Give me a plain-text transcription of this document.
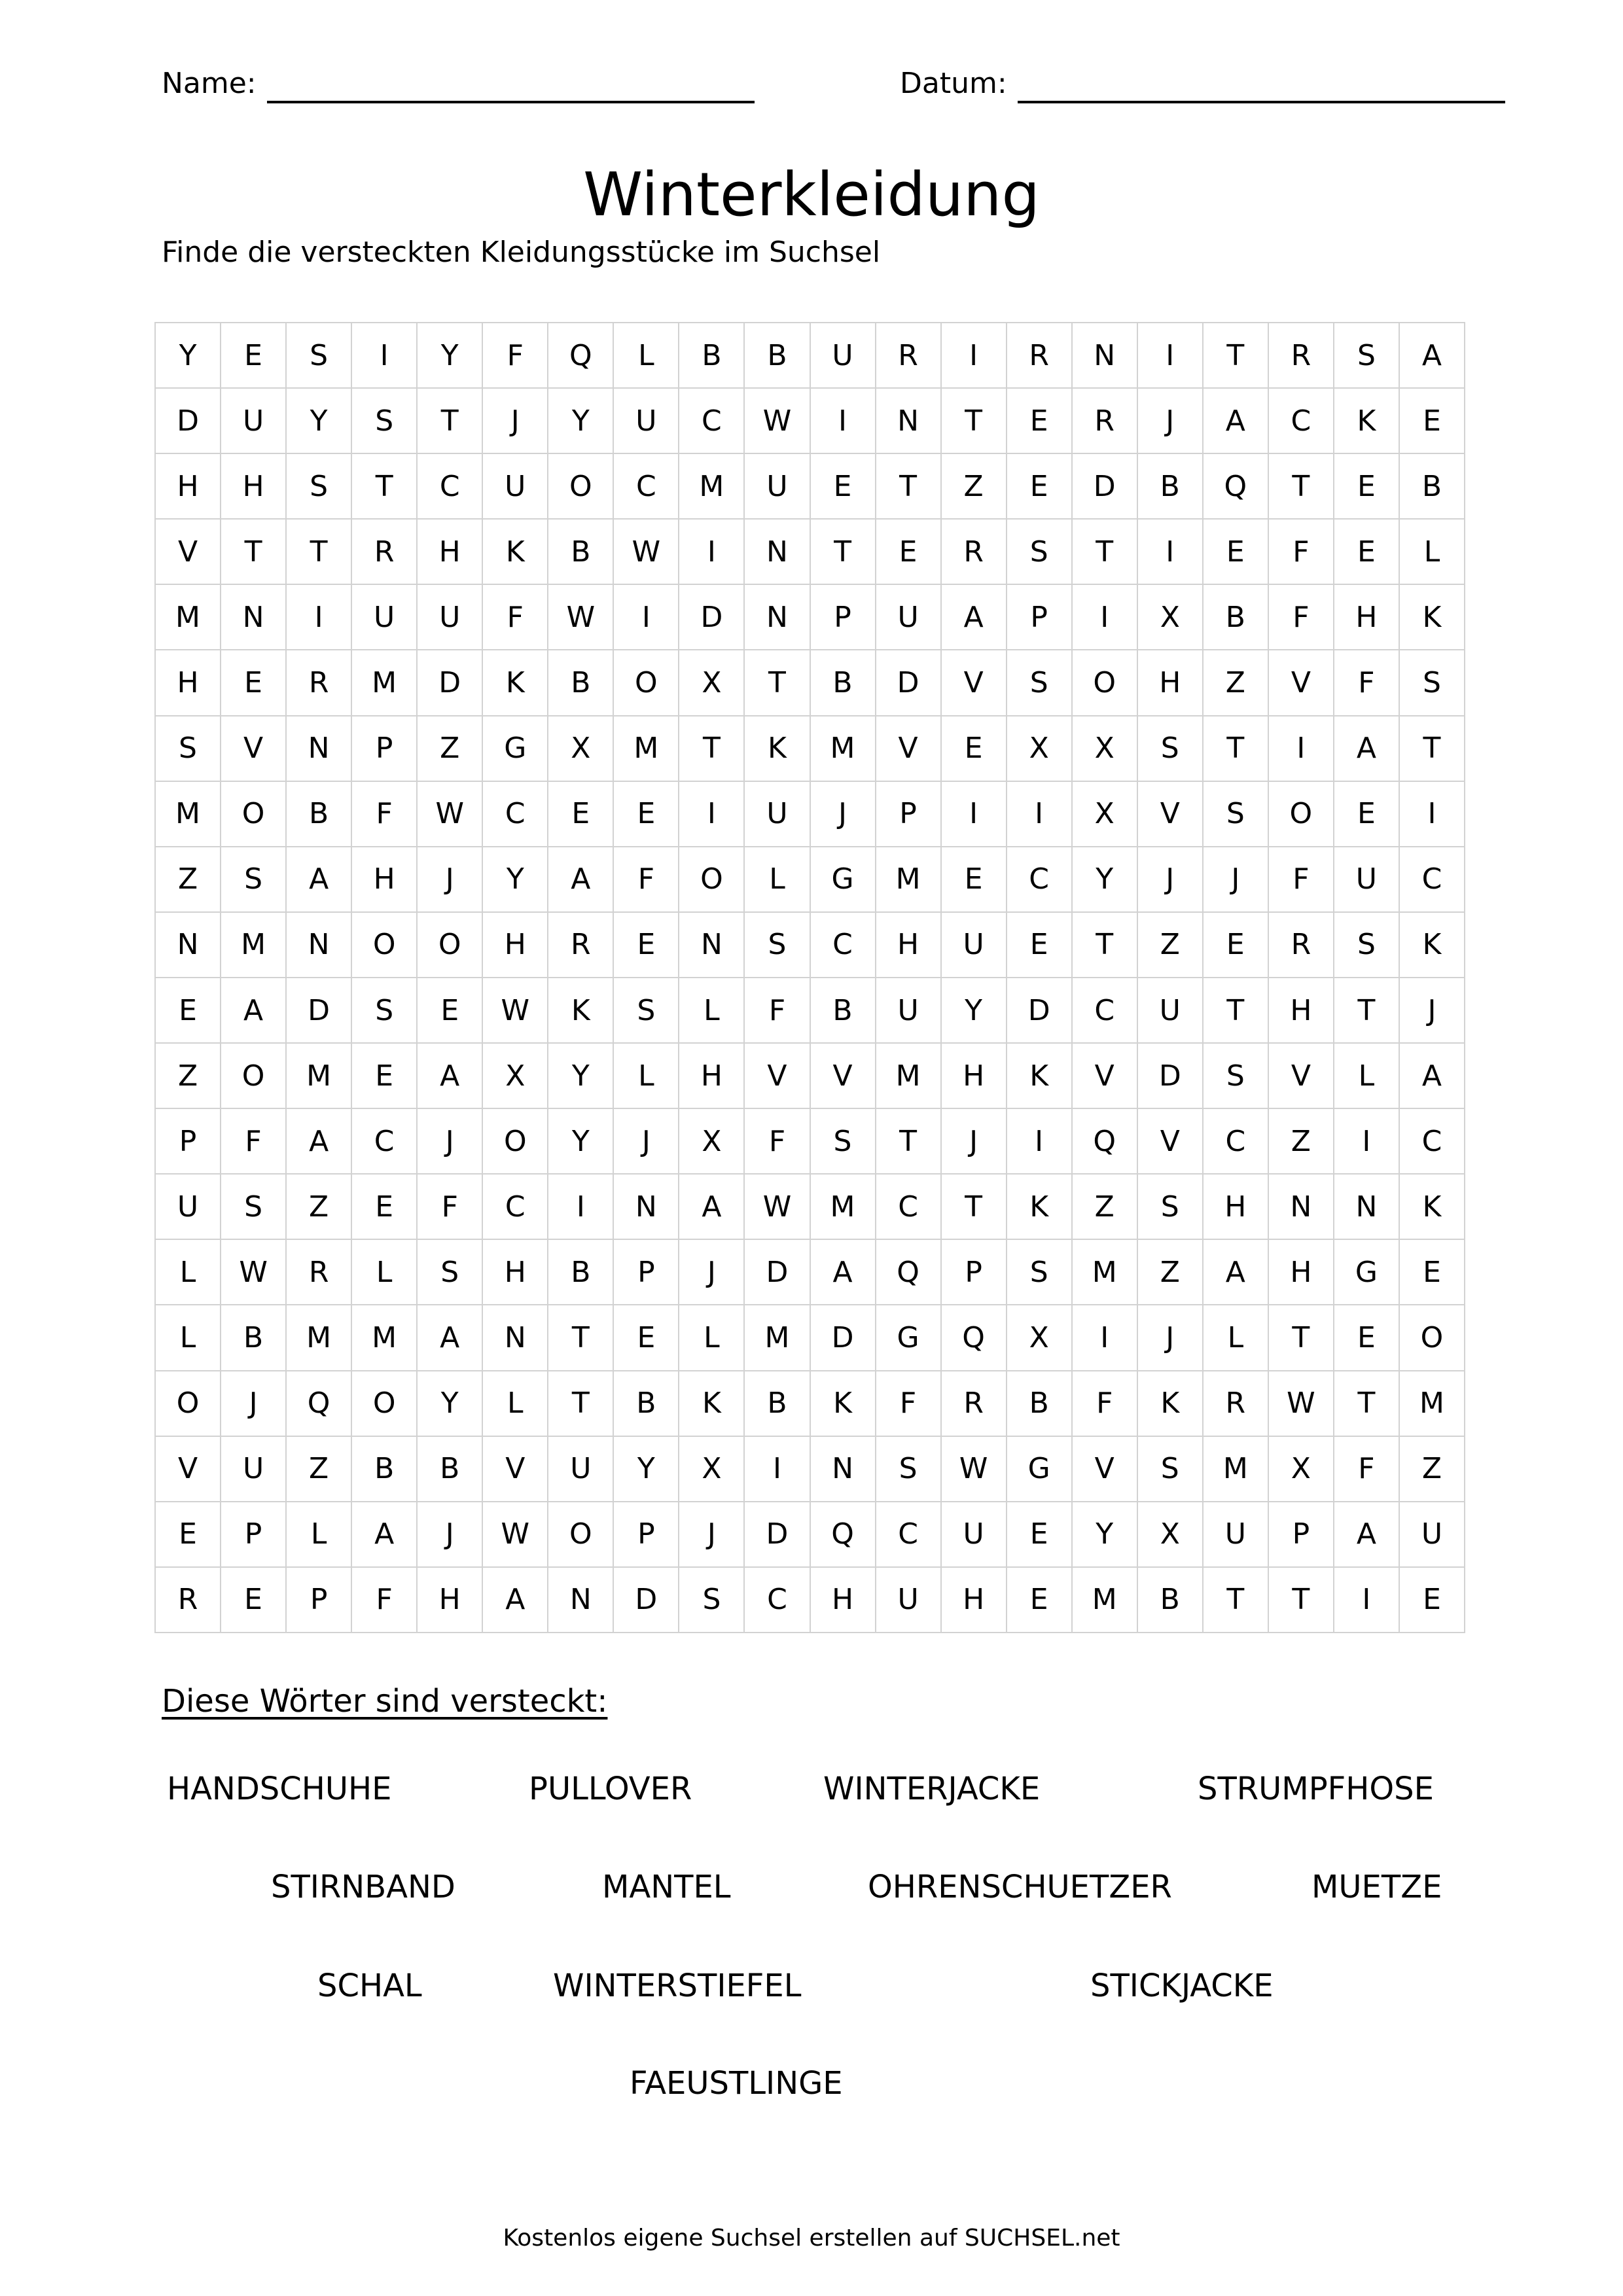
Name:	Datum:
Winterkleidung
Finde die versteckten Kleidungsstücke im Suchsel
Y	E	S	I	Y	F	Q	L	B	B	U	R	I	R	N	I	T	R	S	A
D	U	Y	S	T	J	Y	U	C	W	I	N	T	E	R	J	A	C	K	E
H	H	S	T	C	U	O	C	M	U	E	T	Z	E	D	B	Q	T	E	B
V	T	T	R	H	K	B	W	I	N	T	E	R	S	T	I	E	F	E	L
M	N	I	U	U	F	W	I	D	N	P	U	A	P	I	X	B	F	H	K
H	E	R	M	D	K	B	O	X	T	B	D	V	S	O	H	Z	V	F	S
S	V	N	P	Z	G	X	M	T	K	M	V	E	X	X	S	T	I	A	T
M	O	B	F	W	C	E	E	I	U	J	P	I	I	X	V	S	O	E	I
Z	S	A	H	J	Y	A	F	O	L	G	M	E	C	Y	J	J	F	U	C
N	M	N	O	O	H	R	E	N	S	C	H	U	E	T	Z	E	R	S	K
E	A	D	S	E	W	K	S	L	F	B	U	Y	D	C	U	T	H	T	J
Z	O	M	E	A	X	Y	L	H	V	V	M	H	K	V	D	S	V	L	A
P	F	A	C	J	O	Y	J	X	F	S	T	J	I	Q	V	C	Z	I	C
U	S	Z	E	F	C	I	N	A	W	M	C	T	K	Z	S	H	N	N	K
L	W	R	L	S	H	B	P	J	D	A	Q	P	S	M	Z	A	H	G	E
L	B	M	M	A	N	T	E	L	M	D	G	Q	X	I	J	L	T	E	O
O	J	Q	O	Y	L	T	B	K	B	K	F	R	B	F	K	R	W	T	M
V	U	Z	B	B	V	U	Y	X	I	N	S	W	G	V	S	M	X	F	Z
E	P	L	A	J	W	O	P	J	D	Q	C	U	E	Y	X	U	P	A	U
R	E	P	F	H	A	N	D	S	C	H	U	H	E	M	B	T	T	I	E
Diese Wörter sind versteckt:
HANDSCHUHE	PULLOVER	WINTERJACKE	STRUMPFHOSE
STIRNBAND	MANTEL	OHRENSCHUETZER	MUETZE
SCHAL	WINTERSTIEFEL	STICKJACKE
FAEUSTLINGE
Kostenlos eigene Suchsel erstellen auf SUCHSEL.net
